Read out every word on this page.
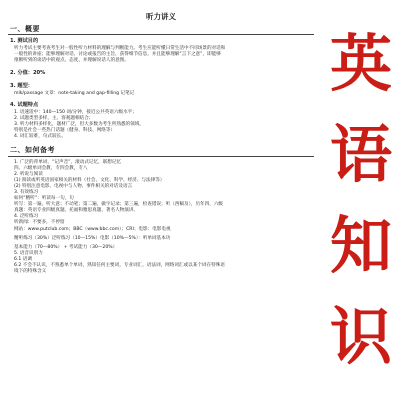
听力讲义
一、概要
1. 测试目的
听力考试主要考查考生对一般性听力材料的理解与判断能力。考生应能听懂日常生活中不同场景的对话和
一般性的讲座；能够理解对话、讨论或报告的主旨，获得细节信息，并且能够理解“言下之意”，即能够
推断听到的谈话中的观点、态度、并理解说话人的意图。
2. 分值：20%
3. 题型：
mlk/passage 文章：note-taking and gap-filling 记笔记
4. 试题特点
1. 语速适中：140—150 词/分钟，接近公共英语六级水平；
2. 试题类型多样，主、客观题相结合；
3. 听力材料多样化，题材广泛，但大多数为考生所熟悉的领域，
特别是社会一些热门话题（健身、科技、网络等）
4. 词汇较难，句式较长。
二、如何备考
1. 广泛的背单词，“记声音”，滚动式记忆，联想记忆
四、六级单词会教，专四会教，专八
2. 听说与阅读
(1) 阅读或听英语国家相关的材料（社会、文化、科学、经济、与法律等）
(2) 特别注意电影、电视中与人物、事件相关的对话及语言
3. 有效练习
如何“精听”：听读每一句，句
听写：第一遍，听大意；不动笔；第二遍，做字记录；第三遍，检查错误；听（西稿及），历年四，六级
真题：英语专业四级真题、托福和雅思真题、著名人物演讲、
4. 泛听练习
听新闻：不要多，不停留
网站：www.putclub.com；BBC（www.bbc.com）；CRI；电影：电影电视
精听练习（30%）泛听练习（10—15%）电影（10%—5%）：听单词基本功
基本能力（70—80%） + 考试能力（30—20%）
5. 语音识别力
6.1 语调
6.2 不会不认识，不熟悉单个单词，熟知任何主要词，专业词汇，语法词，网络词汇或以某个词在特殊语
境下的特殊含义
英
语
知
识
